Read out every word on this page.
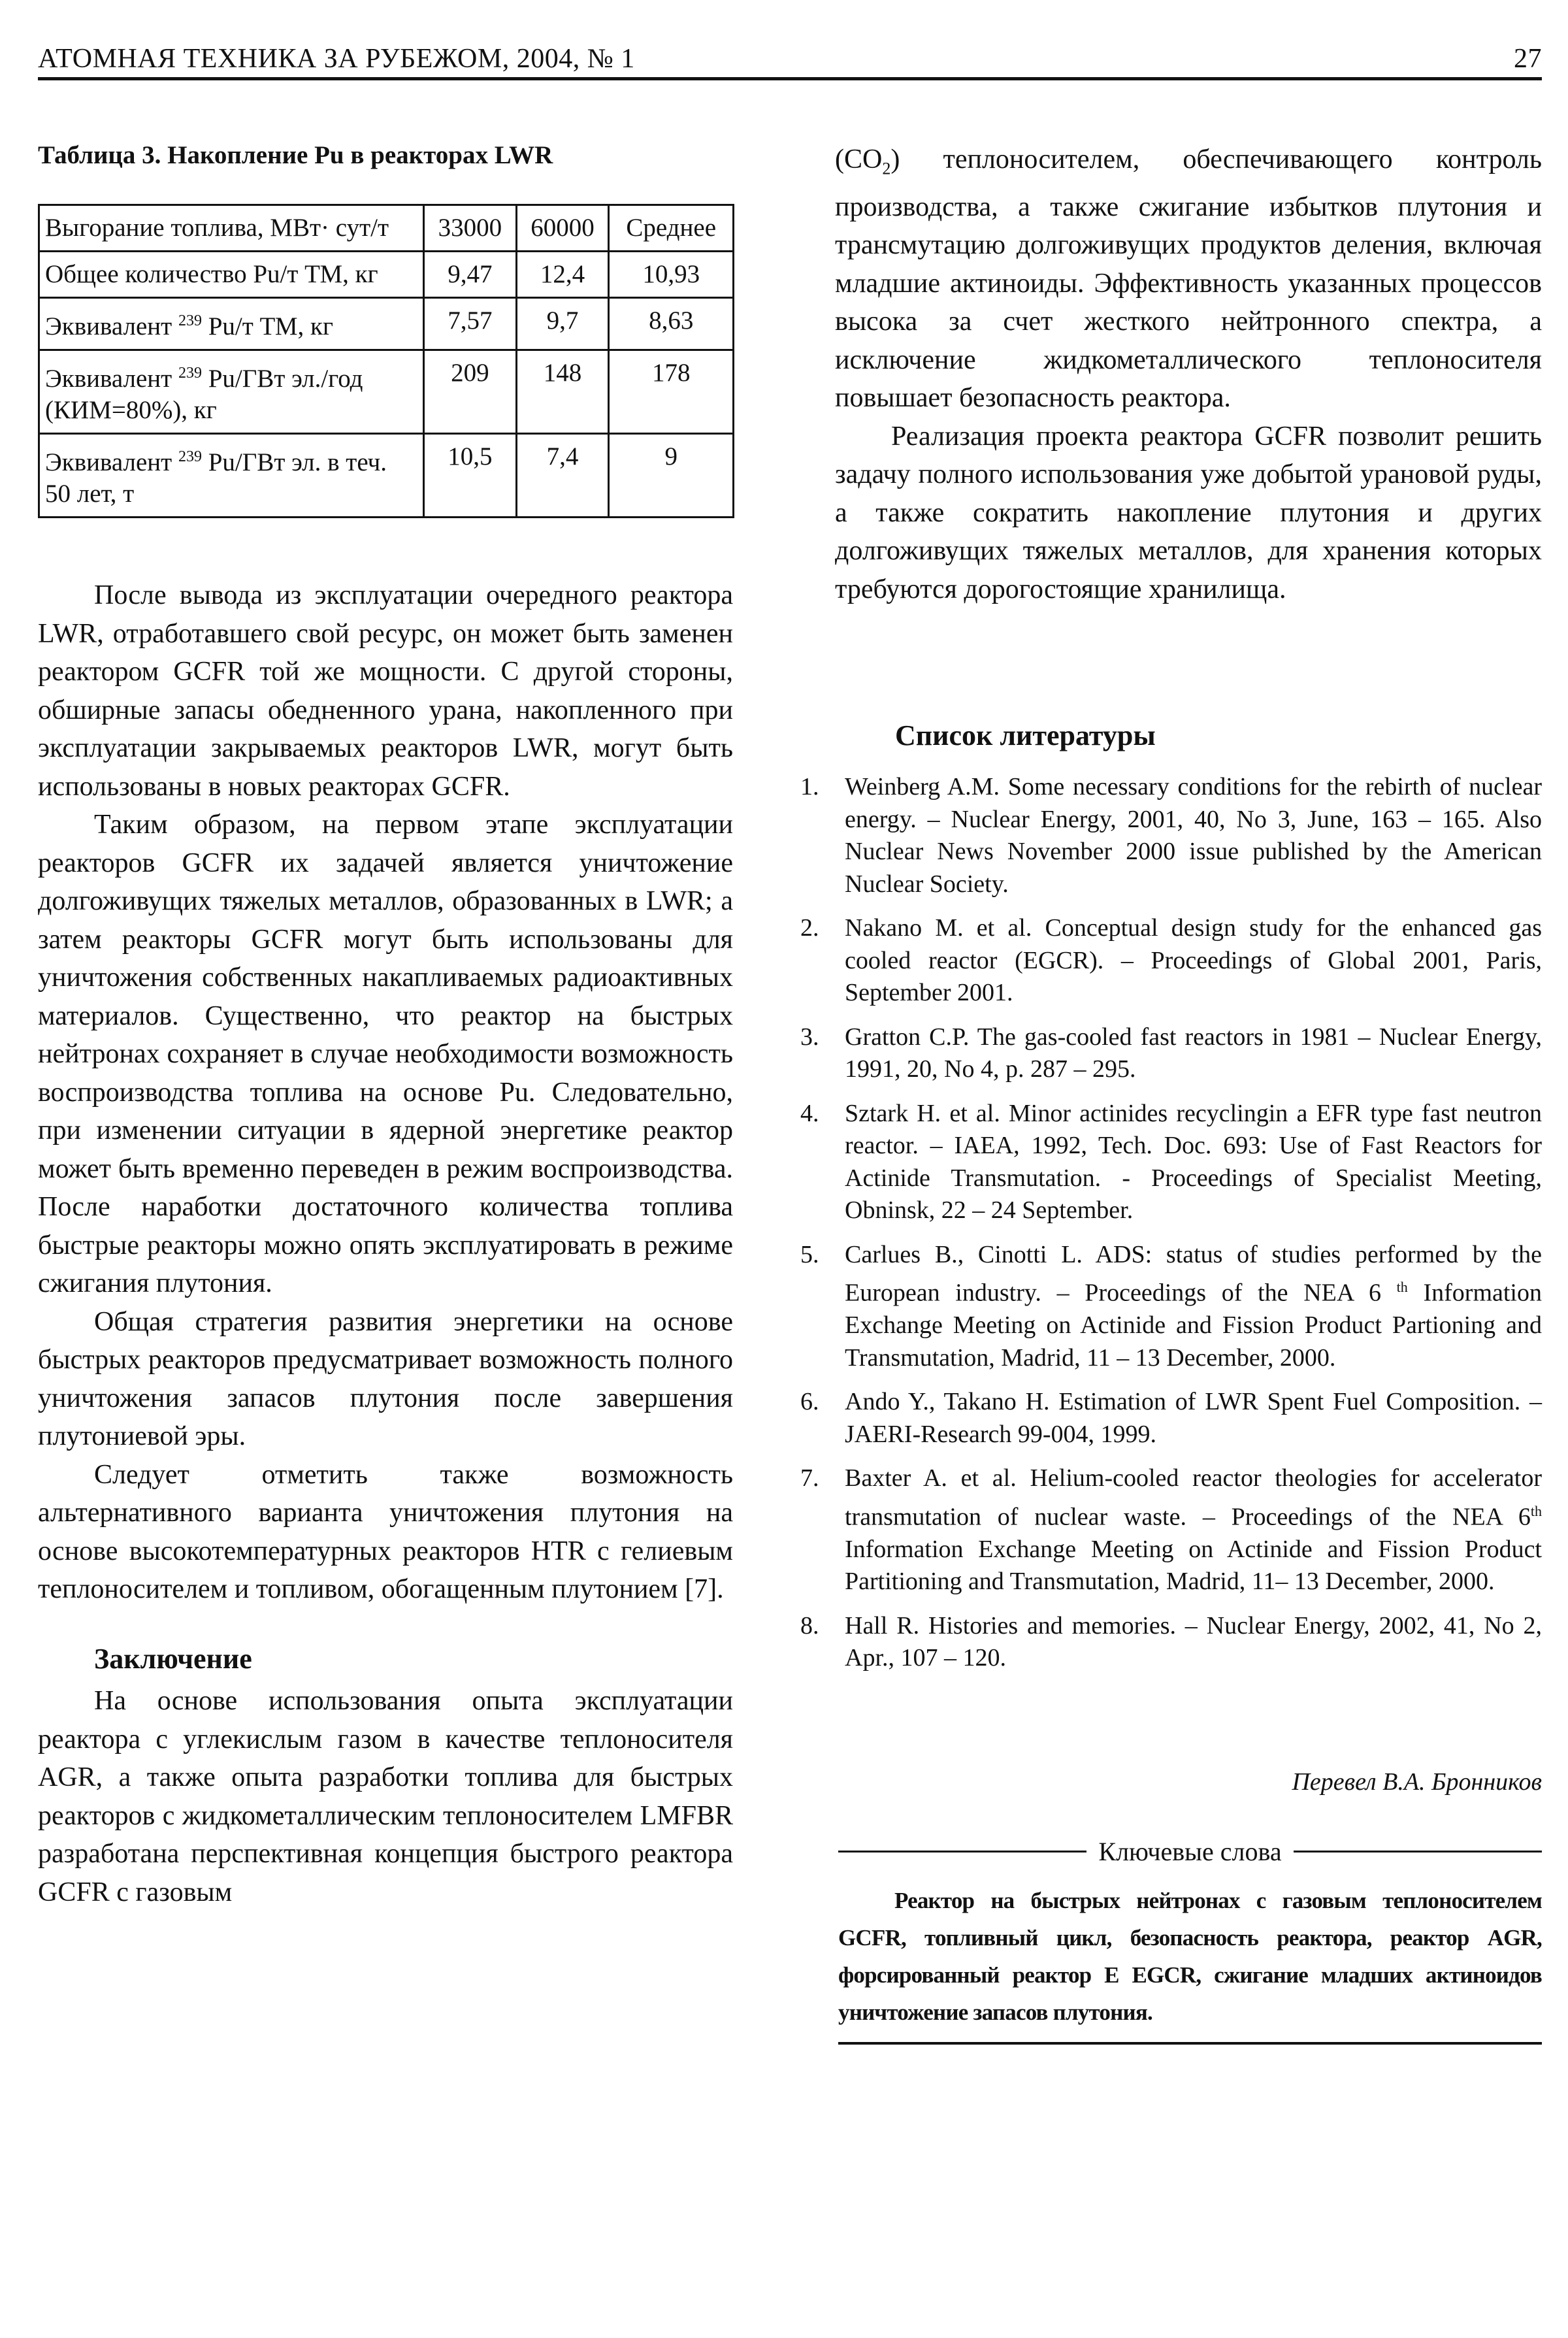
АТОМНАЯ ТЕХНИКА ЗА РУБЕЖОМ, 2004, № 1	27
Таблица 3. Накопление Pu в реакторах LWR
Выгорание топлива, МВт· сут/т	33000	60000	Среднее
Общее количество Pu/т ТМ, кг	9,47	12,4	10,93
Эквивалент $^{239}$ Pu/т ТМ, кг	7,57	9,7	8,63
Эквивалент $^{239}$ Pu/ГВт эл./год (КИМ=80%), кг	209	148	178
Эквивалент $^{239}$ Pu/ГВт эл. в теч. 50 лет, т	10,5	7,4	9

После вывода из эксплуатации очередного реактора LWR, отработавшего свой ресурс, он может быть заменен реактором GCFR той же мощности. С другой стороны, обширные запасы обедненного урана, накопленного при эксплуатации закрываемых реакторов LWR, могут быть использованы в новых реакторах GCFR.

Таким образом, на первом этапе эксплуатации реакторов GCFR их задачей является уничтожение долгоживущих тяжелых металлов, образованных в LWR; а затем реакторы GCFR могут быть использованы для уничтожения собственных накапливаемых радиоактивных материалов. Существенно, что реактор на быстрых нейтронах сохраняет в случае необходимости возможность воспроизводства топлива на основе Pu. Следовательно, при изменении ситуации в ядерной энергетике реактор может быть временно переведен в режим воспроизводства. После наработки достаточного количества топлива быстрые реакторы можно опять эксплуатировать в режиме сжигания плутония.

Общая стратегия развития энергетики на основе быстрых реакторов предусматривает возможность полного уничтожения запасов плутония после завершения плутониевой эры.

Следует отметить также возможность альтернативного варианта уничтожения плутония на основе высокотемпературных реакторов HTR с гелиевым теплоносителем и топливом, обогащенным плутонием [7].

Заключение

На основе использования опыта эксплуатации реактора с углекислым газом в качестве теплоносителя AGR, а также опыта разработки топлива для быстрых реакторов с жидкометаллическим теплоносителем LMFBR разработана перспективная концепция быстрого реактора GCFR с газовым

$(CO_2)$ теплоносителем, обеспечивающего контроль производства, а также сжигание избытков плутония и трансмутацию долгоживущих продуктов деления, включая младшие актиноиды. Эффективность указанных процессов высока за счет жесткого нейтронного спектра, а исключение жидкометаллического теплоносителя повышает безопасность реактора.

Реализация проекта реактора GCFR позволит решить задачу полного использования уже добытой урановой руды, а также сократить накопление плутония и других долгоживущих тяжелых металлов, для хранения которых требуются дорогостоящие хранилища.

Список литературы
1.	Weinberg A.M. Some necessary conditions for the rebirth of nuclear energy. – Nuclear Energy, 2001, 40, No 3, June, 163 – 165. Also Nuclear News November 2000 issue published by the American Nuclear Society.
2.	Nakano M. et al. Conceptual design study for the enhanced gas cooled reactor (EGCR). – Proceedings of Global 2001, Paris, September 2001.
3.	Gratton C.P. The gas-cooled fast reactors in 1981 – Nuclear Energy, 1991, 20, No 4, p. 287 – 295.
4.	Sztark H. et al. Minor actinides recyclingin a EFR type fast neutron reactor. – IAEA, 1992, Tech. Doc. 693: Use of Fast Reactors for Actinide Transmutation. - Proceedings of Specialist Meeting, Obninsk, 22 – 24 September.
5.	Carlues B., Cinotti L. ADS: status of studies performed by the European industry. – Proceedings of the NEA 6 $^{th}$ Information Exchange Meeting on Actinide and Fission Product Partioning and Transmutation, Madrid, 11 – 13 December, 2000.
6.	Ando Y., Takano H. Estimation of LWR Spent Fuel Composition. – JAERI-Research 99-004, 1999.
7.	Baxter A. et al. Helium-cooled reactor theologies for accelerator transmutation of nuclear waste. – Proceedings of the NEA 6th Information Exchange Meeting on Actinide and Fission Product Partitioning and Transmutation, Madrid, 11– 13 December, 2000.
8.	Hall R. Histories and memories. – Nuclear Energy, 2002, 41, No 2, Apr., 107 – 120.
Перевел В.А. Бронников
Ключевые слова

Реактор на быстрых нейтронах с газовым теплоносителем GCFR, топливный цикл, безопасность реактора, реактор AGR, форсированный реактор E EGCR, сжигание младших актиноидов уничтожение запасов плутония.
